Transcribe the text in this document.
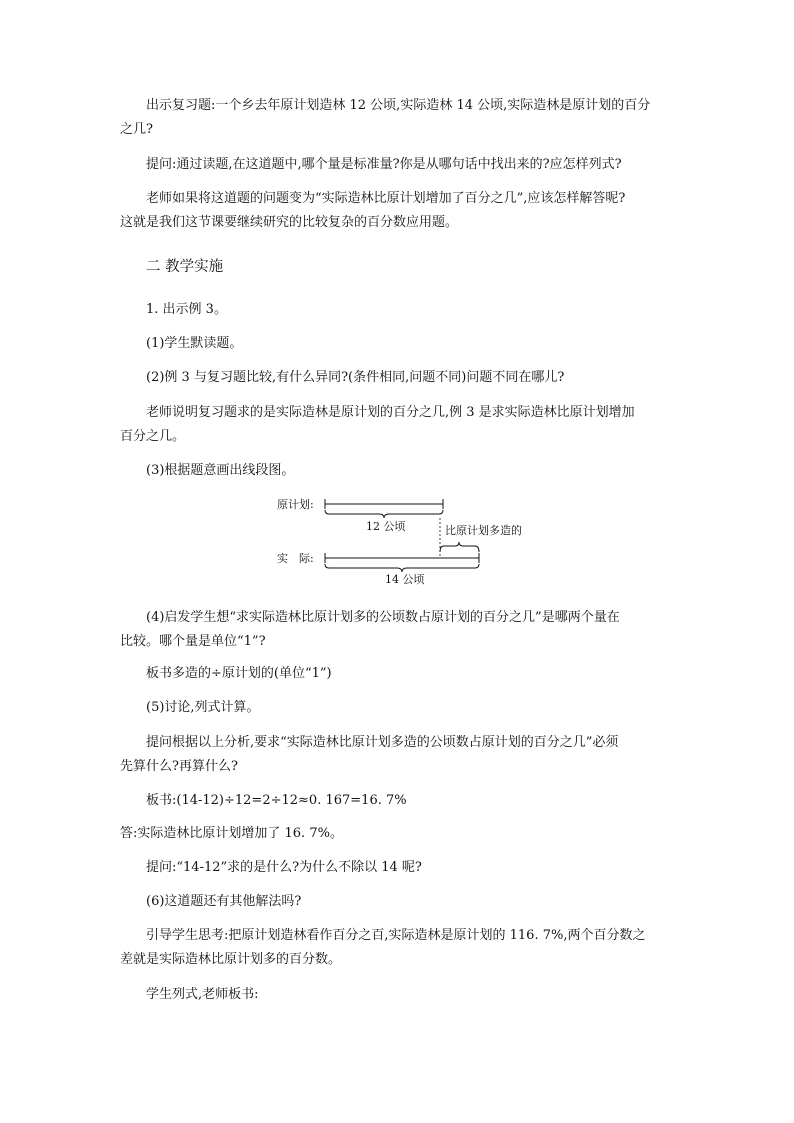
出示复习题:一个乡去年原计划造林 12 公顷,实际造林 14 公顷,实际造林是原计划的百分

之几?

提问:通过读题,在这道题中,哪个量是标准量?你是从哪句话中找出来的?应怎样列式?

老师如果将这道题的问题变为“实际造林比原计划增加了百分之几”,应该怎样解答呢?

这就是我们这节课要继续研究的比较复杂的百分数应用题。

二 教学实施

1. 出示例 3。

(1)学生默读题。

(2)例 3 与复习题比较,有什么异同?(条件相同,问题不同)问题不同在哪儿?

老师说明复习题求的是实际造林是原计划的百分之几,例 3 是求实际造林比原计划增加

百分之几。

(3)根据题意画出线段图。

原计划:
12 公顷	比原计划多造的
实　际:
14 公顷

(4)启发学生想“求实际造林比原计划多的公顷数占原计划的百分之几”是哪两个量在

比较。哪个量是单位“1”?

板书多造的÷原计划的(单位“1”)

(5)讨论,列式计算。

提问根据以上分析,要求“实际造林比原计划多造的公顷数占原计划的百分之几”必须

先算什么?再算什么?

板书:(14-12)÷12=2÷12≈0. 167=16. 7%

答:实际造林比原计划增加了 16. 7%。

提问:“14-12”求的是什么?为什么不除以 14 呢?

(6)这道题还有其他解法吗?

引导学生思考:把原计划造林看作百分之百,实际造林是原计划的 116. 7%,两个百分数之

差就是实际造林比原计划多的百分数。

学生列式,老师板书:
